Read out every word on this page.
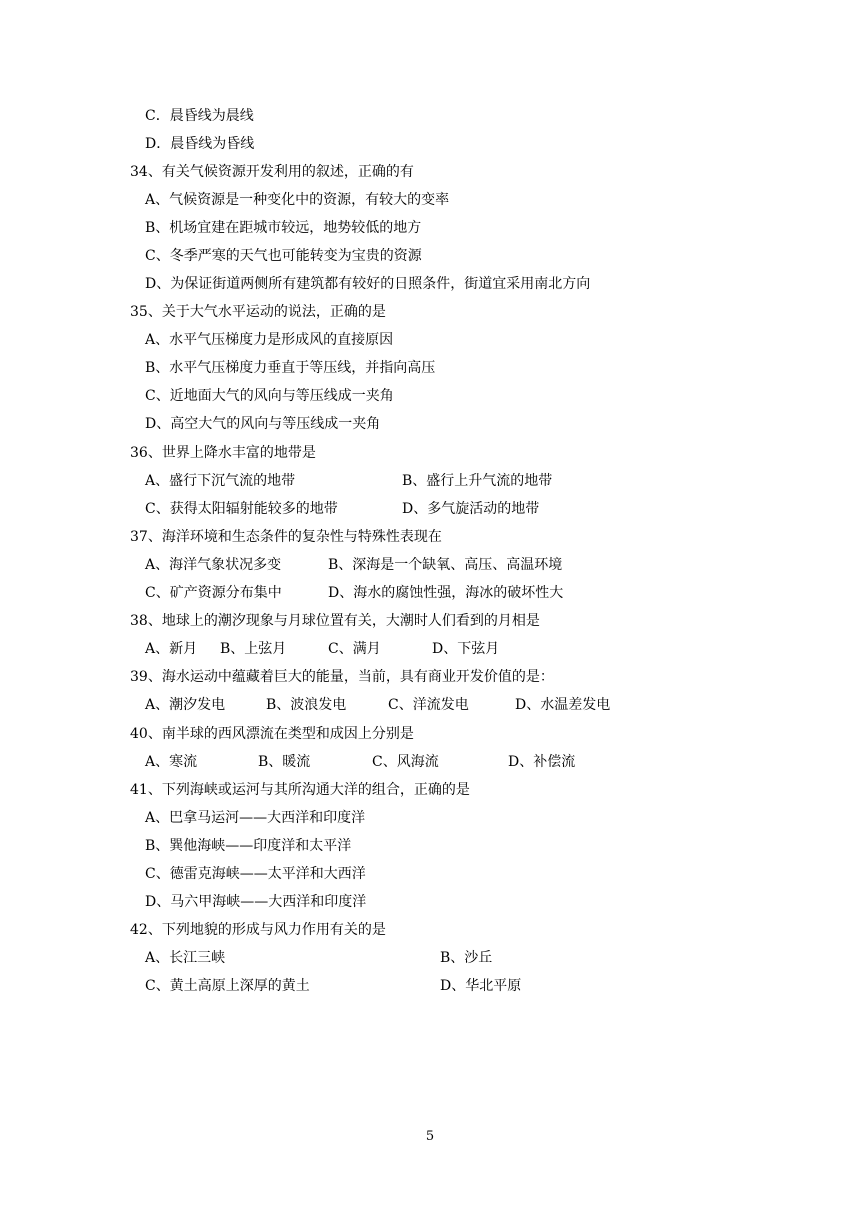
C．晨昏线为晨线
D．晨昏线为昏线
34、有关气候资源开发利用的叙述，正确的有
A、气候资源是一种变化中的资源，有较大的变率
B、机场宜建在距城市较远，地势较低的地方
C、冬季严寒的天气也可能转变为宝贵的资源
D、为保证街道两侧所有建筑都有较好的日照条件，街道宜采用南北方向
35、关于大气水平运动的说法，正确的是
A、水平气压梯度力是形成风的直接原因
B、水平气压梯度力垂直于等压线，并指向高压
C、近地面大气的风向与等压线成一夹角
D、高空大气的风向与等压线成一夹角
36、世界上降水丰富的地带是
A、盛行下沉气流的地带	B、盛行上升气流的地带
C、获得太阳辐射能较多的地带	D、多气旋活动的地带
37、海洋环境和生态条件的复杂性与特殊性表现在
A、海洋气象状况多变	B、深海是一个缺氧、高压、高温环境
C、矿产资源分布集中	D、海水的腐蚀性强，海冰的破坏性大
38、地球上的潮汐现象与月球位置有关，大潮时人们看到的月相是
A、新月 B、上弦月	C、满月	D、下弦月
39、海水运动中蕴藏着巨大的能量，当前，具有商业开发价值的是：
A、潮汐发电	B、波浪发电	C、洋流发电	D、水温差发电
40、南半球的西风漂流在类型和成因上分别是
A、寒流	B、暖流	C、风海流	D、补偿流
41、下列海峡或运河与其所沟通大洋的组合，正确的是
A、巴拿马运河——大西洋和印度洋
B、巽他海峡——印度洋和太平洋
C、德雷克海峡——太平洋和大西洋
D、马六甲海峡——大西洋和印度洋
42、下列地貌的形成与风力作用有关的是
A、长江三峡	B、沙丘
C、黄土高原上深厚的黄土	D、华北平原
5
